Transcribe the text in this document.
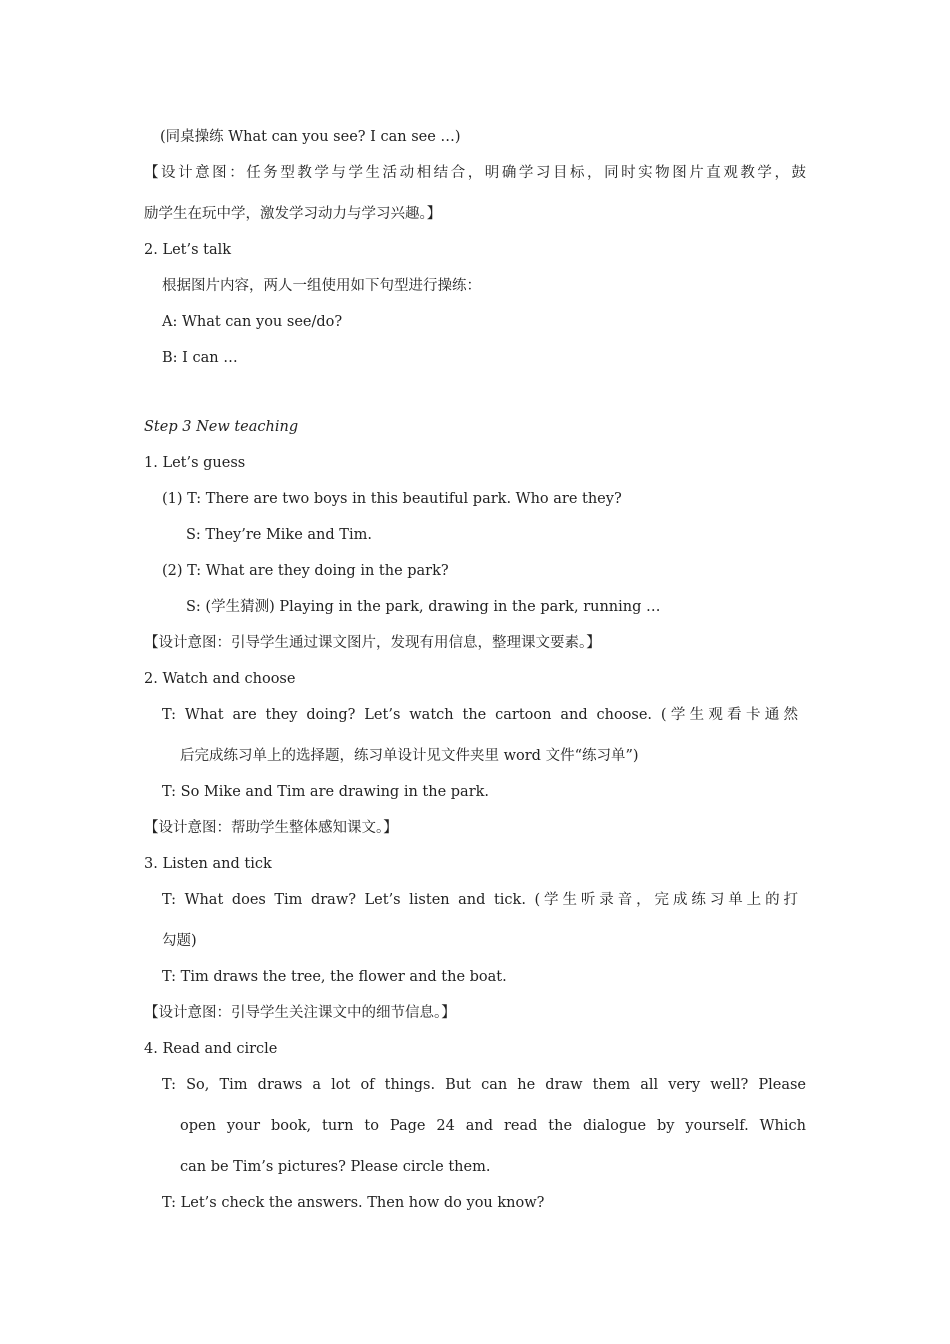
(同桌操练 What can you see? I can see …)
【设计意图：任务型教学与学生活动相结合，明确学习目标，同时实物图片直观教学，鼓
励学生在玩中学，激发学习动力与学习兴趣。】
2. Let’s talk
根据图片内容，两人一组使用如下句型进行操练：
A: What can you see/do?
B: I can …
Step 3 New teaching
1. Let’s guess
(1) T: There are two boys in this beautiful park. Who are they?
S: They’re Mike and Tim.
(2) T: What are they doing in the park?
S: (学生猜测) Playing in the park, drawing in the park, running …
【设计意图：引导学生通过课文图片，发现有用信息，整理课文要素。】
2. Watch and choose
T: What are they doing? Let’s watch the cartoon and choose. (学生观看卡通然
后完成练习单上的选择题，练习单设计见文件夹里 word 文件“练习单”)
T: So Mike and Tim are drawing in the park.
【设计意图：帮助学生整体感知课文。】
3. Listen and tick
T: What does Tim draw? Let’s listen and tick. (学生听录音，完成练习单上的打
勾题)
T: Tim draws the tree, the flower and the boat.
【设计意图：引导学生关注课文中的细节信息。】
4. Read and circle
T: So, Tim draws a lot of things. But can he draw them all very well? Please
open your book, turn to Page 24 and read the dialogue by yourself. Which
can be Tim’s pictures? Please circle them.
T: Let’s check the answers. Then how do you know?
